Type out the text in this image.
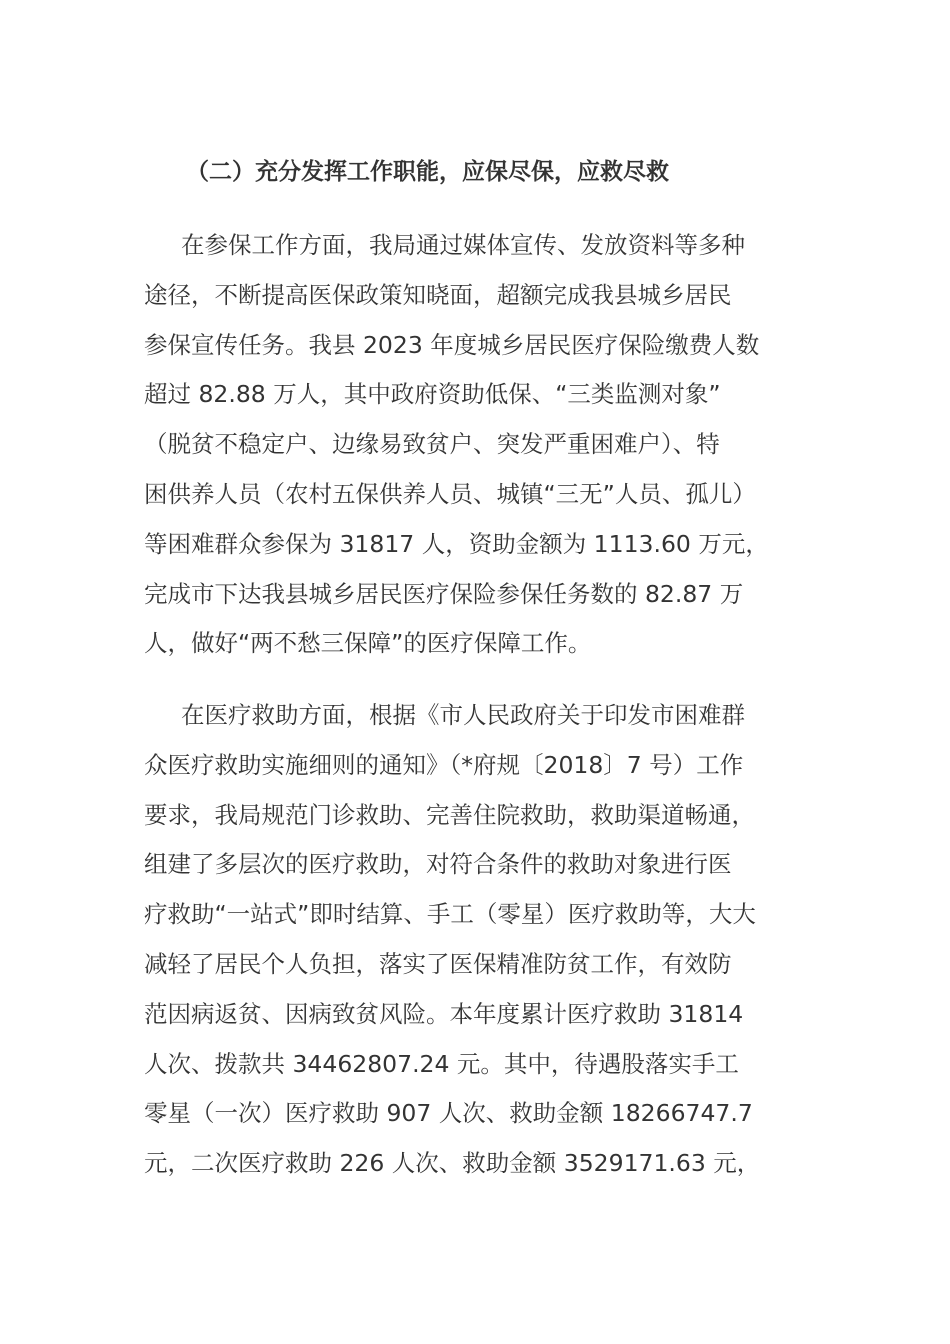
（二）充分发挥工作职能，应保尽保，应救尽救
在参保工作方面，我局通过媒体宣传、发放资料等多种
途径，不断提高医保政策知晓面，超额完成我县城乡居民
参保宣传任务。我县 2023 年度城乡居民医疗保险缴费人数
超过 82.88 万人，其中政府资助低保、“三类监测对象”
（脱贫不稳定户、边缘易致贫户、突发严重困难户）、特
困供养人员（农村五保供养人员、城镇“三无”人员、孤儿）
等困难群众参保为 31817 人，资助金额为 1113.60 万元，
完成市下达我县城乡居民医疗保险参保任务数的 82.87 万
人，做好“两不愁三保障”的医疗保障工作。
在医疗救助方面，根据《市人民政府关于印发市困难群
众医疗救助实施细则的通知》（*府规〔2018〕7 号）工作
要求，我局规范门诊救助、完善住院救助，救助渠道畅通，
组建了多层次的医疗救助，对符合条件的救助对象进行医
疗救助“一站式”即时结算、手工（零星）医疗救助等，大大
减轻了居民个人负担，落实了医保精准防贫工作，有效防
范因病返贫、因病致贫风险。本年度累计医疗救助 31814
人次、拨款共 34462807.24 元。其中，待遇股落实手工
零星（一次）医疗救助 907 人次、救助金额 18266747.7
元，二次医疗救助 226 人次、救助金额 3529171.63 元，
